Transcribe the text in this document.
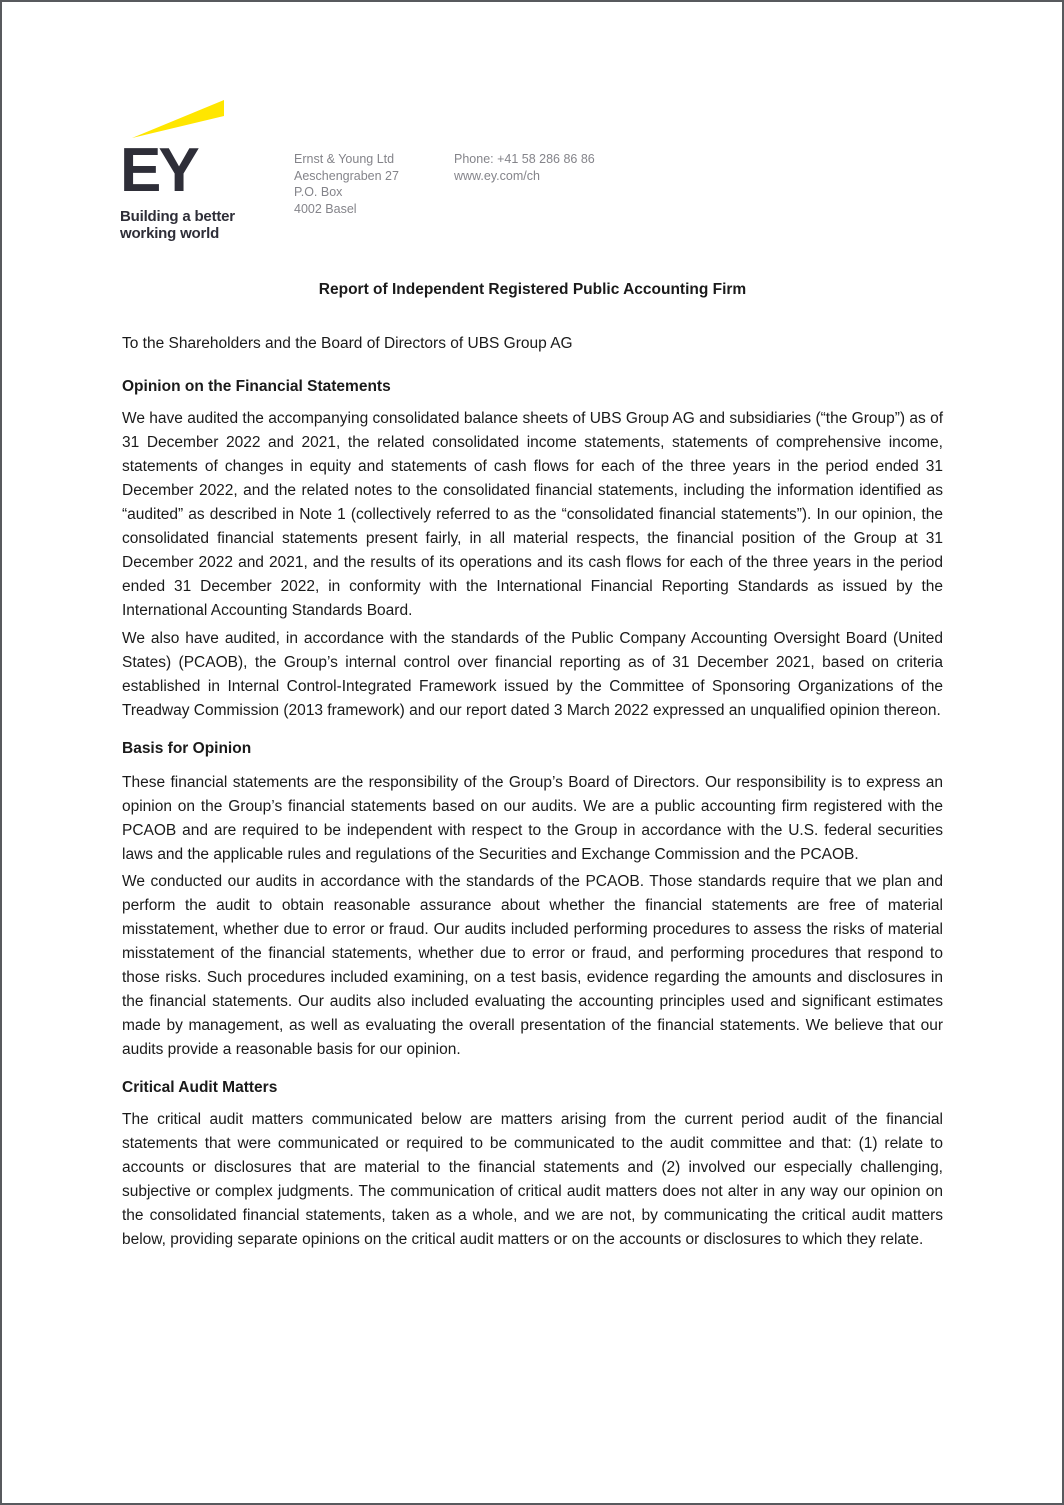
EY
Building a better
working world
Ernst & Young Ltd
Aeschengraben 27
P.O. Box
4002 Basel
Phone: +41 58 286 86 86
www.ey.com/ch

Report of Independent Registered Public Accounting Firm

To the Shareholders and the Board of Directors of UBS Group AG

Opinion on the Financial Statements

We have audited the accompanying consolidated balance sheets of UBS Group AG and subsidiaries (“the Group”) as of 31 December 2022 and 2021, the related consolidated income statements, statements of comprehensive income, statements of changes in equity and statements of cash flows for each of the three years in the period ended 31 December 2022, and the related notes to the consolidated financial statements, including the information identified as “audited” as described in Note 1 (collectively referred to as the “consolidated financial statements”). In our opinion, the consolidated financial statements present fairly, in all material respects, the financial position of the Group at 31 December 2022 and 2021, and the results of its operations and its cash flows for each of the three years in the period ended 31 December 2022, in conformity with the International Financial Reporting Standards as issued by the International Accounting Standards Board.

We also have audited, in accordance with the standards of the Public Company Accounting Oversight Board (United States) (PCAOB), the Group’s internal control over financial reporting as of 31 December 2021, based on criteria established in Internal Control-Integrated Framework issued by the Committee of Sponsoring Organizations of the Treadway Commission (2013 framework) and our report dated 3 March 2022 expressed an unqualified opinion thereon.

Basis for Opinion

These financial statements are the responsibility of the Group’s Board of Directors. Our responsibility is to express an opinion on the Group’s financial statements based on our audits. We are a public accounting firm registered with the PCAOB and are required to be independent with respect to the Group in accordance with the U.S. federal securities laws and the applicable rules and regulations of the Securities and Exchange Commission and the PCAOB.

We conducted our audits in accordance with the standards of the PCAOB. Those standards require that we plan and perform the audit to obtain reasonable assurance about whether the financial statements are free of material misstatement, whether due to error or fraud. Our audits included performing procedures to assess the risks of material misstatement of the financial statements, whether due to error or fraud, and performing procedures that respond to those risks. Such procedures included examining, on a test basis, evidence regarding the amounts and disclosures in the financial statements. Our audits also included evaluating the accounting principles used and significant estimates made by management, as well as evaluating the overall presentation of the financial statements. We believe that our audits provide a reasonable basis for our opinion.

Critical Audit Matters

The critical audit matters communicated below are matters arising from the current period audit of the financial statements that were communicated or required to be communicated to the audit committee and that: (1) relate to accounts or disclosures that are material to the financial statements and (2) involved our especially challenging, subjective or complex judgments. The communication of critical audit matters does not alter in any way our opinion on the consolidated financial statements, taken as a whole, and we are not, by communicating the critical audit matters below, providing separate opinions on the critical audit matters or on the accounts or disclosures to which they relate.
